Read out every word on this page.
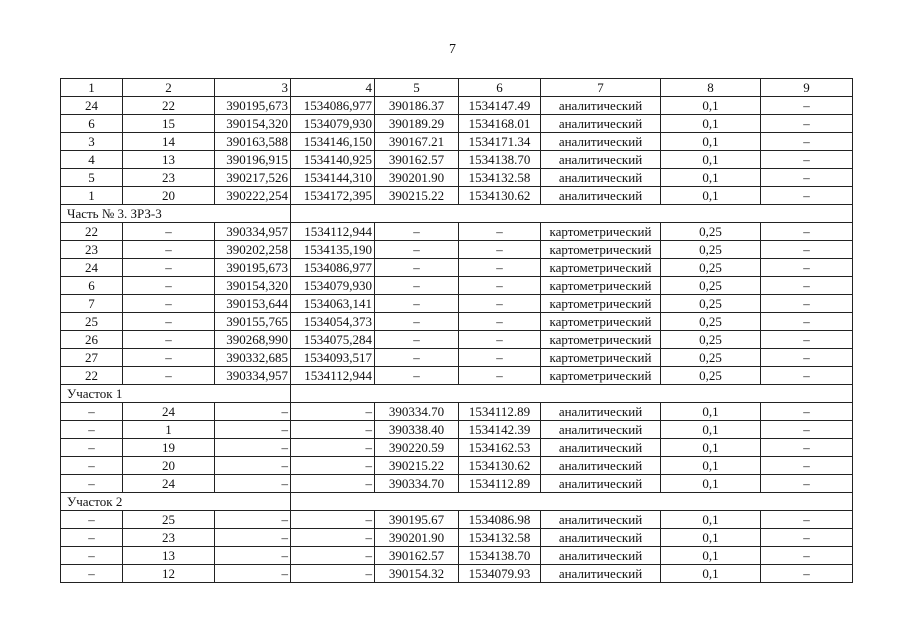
7
1	2	3	4	5	6	7	8	9
24	22	390195,673	1534086,977	390186.37	1534147.49	аналитический	0,1	–
6	15	390154,320	1534079,930	390189.29	1534168.01	аналитический	0,1	–
3	14	390163,588	1534146,150	390167.21	1534171.34	аналитический	0,1	–
4	13	390196,915	1534140,925	390162.57	1534138.70	аналитический	0,1	–
5	23	390217,526	1534144,310	390201.90	1534132.58	аналитический	0,1	–
1	20	390222,254	1534172,395	390215.22	1534130.62	аналитический	0,1	–
Часть № 3. ЗРЗ-3								
22	–	390334,957	1534112,944	–	–	картометрический	0,25	–
23	–	390202,258	1534135,190	–	–	картометрический	0,25	–
24	–	390195,673	1534086,977	–	–	картометрический	0,25	–
6	–	390154,320	1534079,930	–	–	картометрический	0,25	–
7	–	390153,644	1534063,141	–	–	картометрический	0,25	–
25	–	390155,765	1534054,373	–	–	картометрический	0,25	–
26	–	390268,990	1534075,284	–	–	картометрический	0,25	–
27	–	390332,685	1534093,517	–	–	картометрический	0,25	–
22	–	390334,957	1534112,944	–	–	картометрический	0,25	–
Участок 1								
–	24	–	–	390334.70	1534112.89	аналитический	0,1	–
–	1	–	–	390338.40	1534142.39	аналитический	0,1	–
–	19	–	–	390220.59	1534162.53	аналитический	0,1	–
–	20	–	–	390215.22	1534130.62	аналитический	0,1	–
–	24	–	–	390334.70	1534112.89	аналитический	0,1	–
Участок 2								
–	25	–	–	390195.67	1534086.98	аналитический	0,1	–
–	23	–	–	390201.90	1534132.58	аналитический	0,1	–
–	13	–	–	390162.57	1534138.70	аналитический	0,1	–
–	12	–	–	390154.32	1534079.93	аналитический	0,1	–
